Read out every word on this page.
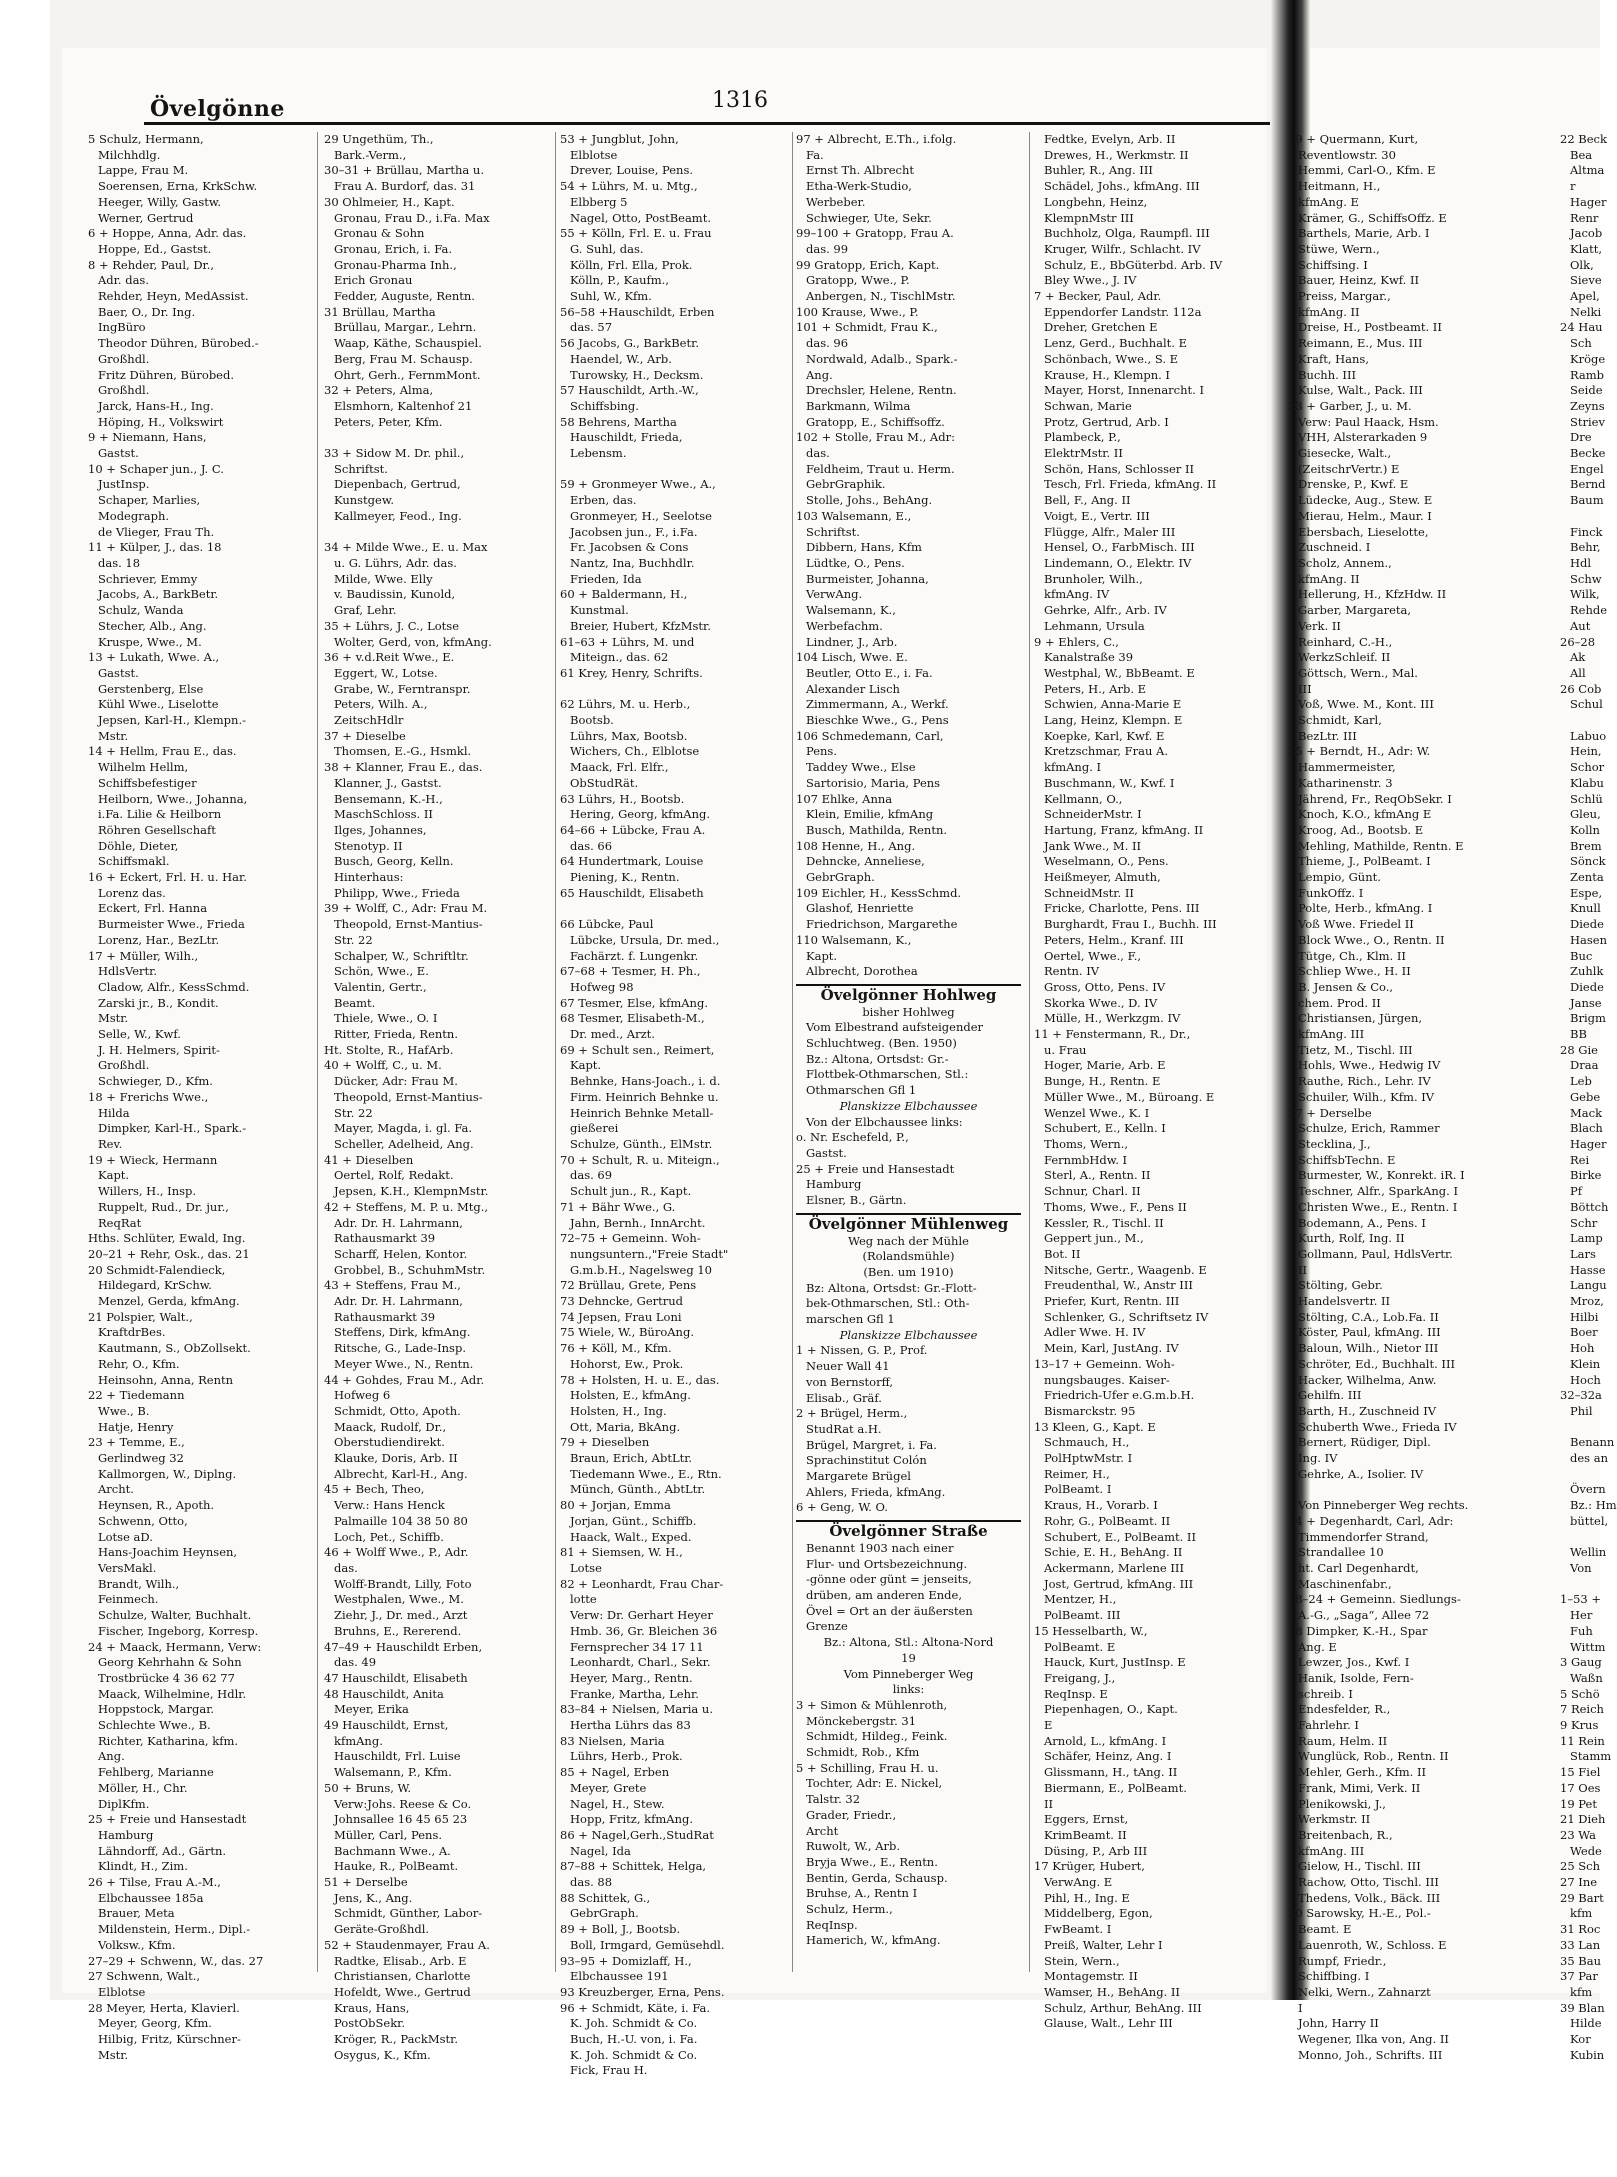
Övelgönne	1316
5 Schulz, Hermann,
Milchhdlg.
Lappe, Frau M.
Soerensen, Erna, KrkSchw.
Heeger, Willy, Gastw.
Werner, Gertrud
6 + Hoppe, Anna, Adr. das.
Hoppe, Ed., Gastst.
8 + Rehder, Paul, Dr.,
Adr. das.
Rehder, Heyn, MedAssist.
Baer, O., Dr. Ing.
IngBüro
Theodor Dühren, Bürobed.-
Großhdl.
Fritz Dühren, Bürobed.
Großhdl.
Jarck, Hans-H., Ing.
Höping, H., Volkswirt
9 + Niemann, Hans,
Gastst.
10 + Schaper jun., J. C.
JustInsp.
Schaper, Marlies,
Modegraph.
de Vlieger, Frau Th.
11 + Külper, J., das. 18
das. 18
Schriever, Emmy
Jacobs, A., BarkBetr.
Schulz, Wanda
Stecher, Alb., Ang.
Kruspe, Wwe., M.
13 + Lukath, Wwe. A.,
Gastst.
Gerstenberg, Else
Kühl Wwe., Liselotte
Jepsen, Karl-H., Klempn.-
Mstr.
14 + Hellm, Frau E., das.
Wilhelm Hellm,
Schiffsbefestiger
Heilborn, Wwe., Johanna,
i.Fa. Lilie & Heilborn
Röhren Gesellschaft
Döhle, Dieter,
Schiffsmakl.
16 + Eckert, Frl. H. u. Har.
Lorenz das.
Eckert, Frl. Hanna
Burmeister Wwe., Frieda
Lorenz, Har., BezLtr.
17 + Müller, Wilh.,
HdlsVertr.
Cladow, Alfr., KessSchmd.
Zarski jr., B., Kondit.
Mstr.
Selle, W., Kwf.
J. H. Helmers, Spirit-
Großhdl.
Schwieger, D., Kfm.
18 + Frerichs Wwe.,
Hilda
Dimpker, Karl-H., Spark.-
Rev.
19 + Wieck, Hermann
Kapt.
Willers, H., Insp.
Ruppelt, Rud., Dr. jur.,
ReqRat
Hths. Schlüter, Ewald, Ing.
20–21 + Rehr, Osk., das. 21
20 Schmidt-Falendieck,
Hildegard, KrSchw.
Menzel, Gerda, kfmAng.
21 Polspier, Walt.,
KraftdrBes.
Kautmann, S., ObZollsekt.
Rehr, O., Kfm.
Heinsohn, Anna, Rentn
22 + Tiedemann
Wwe., B.
Hatje, Henry
23 + Temme, E.,
Gerlindweg 32
Kallmorgen, W., Diplng.
Archt.
Heynsen, R., Apoth.
Schwenn, Otto,
Lotse aD.
Hans-Joachim Heynsen,
VersMakl.
Brandt, Wilh.,
Feinmech.
Schulze, Walter, Buchhalt.
Fischer, Ingeborg, Korresp.
24 + Maack, Hermann, Verw:
Georg Kehrhahn & Sohn
Trostbrücke 4 36 62 77
Maack, Wilhelmine, Hdlr.
Hoppstock, Margar.
Schlechte Wwe., B.
Richter, Katharina, kfm.
Ang.
Fehlberg, Marianne
Möller, H., Chr.
DiplKfm.
25 + Freie und Hansestadt
Hamburg
Lähndorff, Ad., Gärtn.
Klindt, H., Zim.
26 + Tilse, Frau A.-M.,
Elbchaussee 185a
Brauer, Meta
Mildenstein, Herm., Dipl.-
Volksw., Kfm.
27–29 + Schwenn, W., das. 27
27 Schwenn, Walt.,
Elblotse
28 Meyer, Herta, Klavierl.
Meyer, Georg, Kfm.
Hilbig, Fritz, Kürschner-
Mstr.
29 Ungethüm, Th.,
Bark.-Verm.,
30–31 + Brüllau, Martha u.
Frau A. Burdorf, das. 31
30 Ohlmeier, H., Kapt.
Gronau, Frau D., i.Fa. Max
Gronau & Sohn
Gronau, Erich, i. Fa.
Gronau-Pharma Inh.,
Erich Gronau
Fedder, Auguste, Rentn.
31 Brüllau, Martha
Brüllau, Margar., Lehrn.
Waap, Käthe, Schauspiel.
Berg, Frau M. Schausp.
Ohrt, Gerh., FernmMont.
32 + Peters, Alma,
Elsmhorn, Kaltenhof 21
Peters, Peter, Kfm.

33 + Sidow M. Dr. phil.,
Schriftst.
Diepenbach, Gertrud,
Kunstgew.
Kallmeyer, Feod., Ing.

34 + Milde Wwe., E. u. Max
u. G. Lührs, Adr. das.
Milde, Wwe. Elly
v. Baudissin, Kunold,
Graf, Lehr.
35 + Lührs, J. C., Lotse
Wolter, Gerd, von, kfmAng.
36 + v.d.Reit Wwe., E.
Eggert, W., Lotse.
Grabe, W., Ferntranspr.
Peters, Wilh. A.,
ZeitschHdlr
37 + Dieselbe
Thomsen, E.-G., Hsmkl.
38 + Klanner, Frau E., das.
Klanner, J., Gastst.
Bensemann, K.-H.,
MaschSchloss. II
Ilges, Johannes,
Stenotyp. II
Busch, Georg, Kelln.
Hinterhaus:
Philipp, Wwe., Frieda
39 + Wolff, C., Adr: Frau M.
Theopold, Ernst-Mantius-
Str. 22
Schalper, W., Schriftltr.
Schön, Wwe., E.
Valentin, Gertr.,
Beamt.
Thiele, Wwe., O. I
Ritter, Frieda, Rentn.
Ht. Stolte, R., HafArb.
40 + Wolff, C., u. M.
Dücker, Adr: Frau M.
Theopold, Ernst-Mantius-
Str. 22
Mayer, Magda, i. gl. Fa.
Scheller, Adelheid, Ang.
41 + Dieselben
Oertel, Rolf, Redakt.
Jepsen, K.H., KlempnMstr.
42 + Steffens, M. P. u. Mtg.,
Adr. Dr. H. Lahrmann,
Rathausmarkt 39
Scharff, Helen, Kontor.
Grobbel, B., SchuhmMstr.
43 + Steffens, Frau M.,
Adr. Dr. H. Lahrmann,
Rathausmarkt 39
Steffens, Dirk, kfmAng.
Ritsche, G., Lade-Insp.
Meyer Wwe., N., Rentn.
44 + Gohdes, Frau M., Adr.
Hofweg 6
Schmidt, Otto, Apoth.
Maack, Rudolf, Dr.,
Oberstudiendirekt.
Klauke, Doris, Arb. II
Albrecht, Karl-H., Ang.
45 + Bech, Theo,
Verw.: Hans Henck
Palmaille 104 38 50 80
Loch, Pet., Schiffb.
46 + Wolff Wwe., P., Adr.
das.
Wolff-Brandt, Lilly, Foto
Westphalen, Wwe., M.
Ziehr, J., Dr. med., Arzt
Bruhns, E., Rererend.
47–49 + Hauschildt Erben,
das. 49
47 Hauschildt, Elisabeth
48 Hauschildt, Anita
Meyer, Erika
49 Hauschildt, Ernst,
kfmAng.
Hauschildt, Frl. Luise
Walsemann, P., Kfm.
50 + Bruns, W.
Verw:Johs. Reese & Co.
Johnsallee 16 45 65 23
Müller, Carl, Pens.
Bachmann Wwe., A.
Hauke, R., PolBeamt.
51 + Derselbe
Jens, K., Ang.
Schmidt, Günther, Labor-
Geräte-Großhdl.
52 + Staudenmayer, Frau A.
Radtke, Elisab., Arb. E
Christiansen, Charlotte
Hofeldt, Wwe., Gertrud
Kraus, Hans,
PostObSekr.
Kröger, R., PackMstr.
Osygus, K., Kfm.
53 + Jungblut, John,
Elblotse
Drever, Louise, Pens.
54 + Lührs, M. u. Mtg.,
Elbberg 5
Nagel, Otto, PostBeamt.
55 + Kölln, Frl. E. u. Frau
G. Suhl, das.
Kölln, Frl. Ella, Prok.
Kölln, P., Kaufm.,
Suhl, W., Kfm.
56–58 +Hauschildt, Erben
das. 57
56 Jacobs, G., BarkBetr.
Haendel, W., Arb.
Turowsky, H., Decksm.
57 Hauschildt, Arth.-W.,
Schiffsbing.
58 Behrens, Martha
Hauschildt, Frieda,
Lebensm.

59 + Gronmeyer Wwe., A.,
Erben, das.
Gronmeyer, H., Seelotse
Jacobsen jun., F., i.Fa.
Fr. Jacobsen & Cons
Nantz, Ina, Buchhdlr.
Frieden, Ida
60 + Baldermann, H.,
Kunstmal.
Breier, Hubert, KfzMstr.
61–63 + Lührs, M. und
Miteign., das. 62
61 Krey, Henry, Schrifts.

62 Lührs, M. u. Herb.,
Bootsb.
Lührs, Max, Bootsb.
Wichers, Ch., Elblotse
Maack, Frl. Elfr.,
ObStudRät.
63 Lührs, H., Bootsb.
Hering, Georg, kfmAng.
64–66 + Lübcke, Frau A.
das. 66
64 Hundertmark, Louise
Piening, K., Rentn.
65 Hauschildt, Elisabeth

66 Lübcke, Paul
Lübcke, Ursula, Dr. med.,
Fachärzt. f. Lungenkr.
67–68 + Tesmer, H. Ph.,
Hofweg 98
67 Tesmer, Else, kfmAng.
68 Tesmer, Elisabeth-M.,
Dr. med., Arzt.
69 + Schult sen., Reimert,
Kapt.
Behnke, Hans-Joach., i. d.
Firm. Heinrich Behnke u.
Heinrich Behnke Metall-
gießerei
Schulze, Günth., ElMstr.
70 + Schult, R. u. Miteign.,
das. 69
Schult jun., R., Kapt.
71 + Bähr Wwe., G.
Jahn, Bernh., InnArcht.
72–75 + Gemeinn. Woh-
nungsuntern.,"Freie Stadt"
G.m.b.H., Nagelsweg 10
72 Brüllau, Grete, Pens
73 Dehncke, Gertrud
74 Jepsen, Frau Loni
75 Wiele, W., BüroAng.
76 + Köll, M., Kfm.
Hohorst, Ew., Prok.
78 + Holsten, H. u. E., das.
Holsten, E., kfmAng.
Holsten, H., Ing.
Ott, Maria, BkAng.
79 + Dieselben
Braun, Erich, AbtLtr.
Tiedemann Wwe., E., Rtn.
Münch, Günth., AbtLtr.
80 + Jorjan, Emma
Jorjan, Günt., Schiffb.
Haack, Walt., Exped.
81 + Siemsen, W. H.,
Lotse
82 + Leonhardt, Frau Char-
lotte
Verw: Dr. Gerhart Heyer
Hmb. 36, Gr. Bleichen 36
Fernsprecher 34 17 11
Leonhardt, Charl., Sekr.
Heyer, Marg., Rentn.
Franke, Martha, Lehr.
83–84 + Nielsen, Maria u.
Hertha Lührs das 83
83 Nielsen, Maria
Lührs, Herb., Prok.
85 + Nagel, Erben
Meyer, Grete
Nagel, H., Stew.
Hopp, Fritz, kfmAng.
86 + Nagel,Gerh.,StudRat
Nagel, Ida
87–88 + Schittek, Helga,
das. 88
88 Schittek, G.,
GebrGraph.
89 + Boll, J., Bootsb.
Boll, Irmgard, Gemüsehdl.
93–95 + Domizlaff, H.,
Elbchaussee 191
93 Kreuzberger, Erna, Pens.
96 + Schmidt, Käte, i. Fa.
K. Joh. Schmidt & Co.
Buch, H.-U. von, i. Fa.
K. Joh. Schmidt & Co.
Fick, Frau H.
97 + Albrecht, E.Th., i.folg.
Fa.
Ernst Th. Albrecht
Etha-Werk-Studio,
Werbeber.
Schwieger, Ute, Sekr.
99–100 + Gratopp, Frau A.
das. 99
99 Gratopp, Erich, Kapt.
Gratopp, Wwe., P.
Anbergen, N., TischlMstr.
100 Krause, Wwe., P.
101 + Schmidt, Frau K.,
das. 96
Nordwald, Adalb., Spark.-
Ang.
Drechsler, Helene, Rentn.
Barkmann, Wilma
Gratopp, E., Schiffsoffz.
102 + Stolle, Frau M., Adr:
das.
Feldheim, Traut u. Herm.
GebrGraphik.
Stolle, Johs., BehAng.
103 Walsemann, E.,
Schriftst.
Dibbern, Hans, Kfm
Lüdtke, O., Pens.
Burmeister, Johanna,
VerwAng.
Walsemann, K.,
Werbefachm.
Lindner, J., Arb.
104 Lisch, Wwe. E.
Beutler, Otto E., i. Fa.
Alexander Lisch
Zimmermann, A., Werkf.
Bieschke Wwe., G., Pens
106 Schmedemann, Carl,
Pens.
Taddey Wwe., Else
Sartorisio, Maria, Pens
107 Ehlke, Anna
Klein, Emilie, kfmAng
Busch, Mathilda, Rentn.
108 Henne, H., Ang.
Dehncke, Anneliese,
GebrGraph.
109 Eichler, H., KessSchmd.
Glashof, Henriette
Friedrichson, Margarethe
110 Walsemann, K.,
Kapt.
Albrecht, Dorothea
Övelgönner Hohlweg
bisher Hohlweg
Vom Elbestrand aufsteigender
Schluchtweg. (Ben. 1950)
Bz.: Altona, Ortsdst: Gr.-
Flottbek-Othmarschen, Stl.:
Othmarschen Gfl 1
Planskizze Elbchaussee
Von der Elbchaussee links:
o. Nr. Eschefeld, P.,
Gastst.
25 + Freie und Hansestadt
Hamburg
Elsner, B., Gärtn.
Övelgönner Mühlenweg
Weg nach der Mühle
(Rolandsmühle)
(Ben. um 1910)
Bz: Altona, Ortsdst: Gr.-Flott-
bek-Othmarschen, Stl.: Oth-
marschen Gfl 1
Planskizze Elbchaussee
1 + Nissen, G. P., Prof.
Neuer Wall 41
von Bernstorff,
Elisab., Gräf.
2 + Brügel, Herm.,
StudRat a.H.
Brügel, Margret, i. Fa.
Sprachinstitut Colón
Margarete Brügel
Ahlers, Frieda, kfmAng.
6 + Geng, W. O.
Övelgönner Straße
Benannt 1903 nach einer
Flur- und Ortsbezeichnung.
-gönne oder günt = jenseits,
drüben, am anderen Ende,
Övel = Ort an der äußersten
Grenze
Bz.: Altona, Stl.: Altona-Nord
19
Vom Pinneberger Weg
links:
3 + Simon & Mühlenroth,
Mönckebergstr. 31
Schmidt, Hildeg., Feink.
Schmidt, Rob., Kfm
5 + Schilling, Frau H. u.
Tochter, Adr: E. Nickel,
Talstr. 32
Grader, Friedr.,
Archt
Ruwolt, W., Arb.
Bryja Wwe., E., Rentn.
Bentin, Gerda, Schausp.
Bruhse, A., Rentn I
Schulz, Herm.,
ReqInsp.
Hamerich, W., kfmAng.
Fedtke, Evelyn, Arb. II
Drewes, H., Werkmstr. II
Buhler, R., Ang. III
Schädel, Johs., kfmAng. III
Longbehn, Heinz,
KlempnMstr III
Buchholz, Olga, Raumpfl. III
Kruger, Wilfr., Schlacht. IV
Schulz, E., BbGüterbd. Arb. IV
Bley Wwe., J. IV
7 + Becker, Paul, Adr.
Eppendorfer Landstr. 112a
Dreher, Gretchen E
Lenz, Gerd., Buchhalt. E
Schönbach, Wwe., S. E
Krause, H., Klempn. I
Mayer, Horst, Innenarcht. I
Schwan, Marie
Protz, Gertrud, Arb. I
Plambeck, P.,
ElektrMstr. II
Schön, Hans, Schlosser II
Tesch, Frl. Frieda, kfmAng. II
Bell, F., Ang. II
Voigt, E., Vertr. III
Flügge, Alfr., Maler III
Hensel, O., FarbMisch. III
Lindemann, O., Elektr. IV
Brunholer, Wilh.,
kfmAng. IV
Gehrke, Alfr., Arb. IV
Lehmann, Ursula
9 + Ehlers, C.,
Kanalstraße 39
Westphal, W., BbBeamt. E
Peters, H., Arb. E
Schwien, Anna-Marie E
Lang, Heinz, Klempn. E
Koepke, Karl, Kwf. E
Kretzschmar, Frau A.
kfmAng. I
Buschmann, W., Kwf. I
Kellmann, O.,
SchneiderMstr. I
Hartung, Franz, kfmAng. II
Jank Wwe., M. II
Weselmann, O., Pens.
Heißmeyer, Almuth,
SchneidMstr. II
Fricke, Charlotte, Pens. III
Burghardt, Frau I., Buchh. III
Peters, Helm., Kranf. III
Oertel, Wwe., F.,
Rentn. IV
Gross, Otto, Pens. IV
Skorka Wwe., D. IV
Mülle, H., Werkzgm. IV
11 + Fenstermann, R., Dr.,
u. Frau
Hoger, Marie, Arb. E
Bunge, H., Rentn. E
Müller Wwe., M., Büroang. E
Wenzel Wwe., K. I
Schubert, E., Kelln. I
Thoms, Wern.,
FernmbHdw. I
Sterl, A., Rentn. II
Schnur, Charl. II
Thoms, Wwe., F., Pens II
Kessler, R., Tischl. II
Geppert jun., M.,
Bot. II
Nitsche, Gertr., Waagenb. E
Freudenthal, W., Anstr III
Priefer, Kurt, Rentn. III
Schlenker, G., Schriftsetz IV
Adler Wwe. H. IV
Mein, Karl, JustAng. IV
13–17 + Gemeinn. Woh-
nungsbauges. Kaiser-
Friedrich-Ufer e.G.m.b.H.
Bismarckstr. 95
13 Kleen, G., Kapt. E
Schmauch, H.,
PolHptwMstr. I
Reimer, H.,
PolBeamt. I
Kraus, H., Vorarb. I
Rohr, G., PolBeamt. II
Schubert, E., PolBeamt. II
Schie, E. H., BehAng. II
Ackermann, Marlene III
Jost, Gertrud, kfmAng. III
Mentzer, H.,
PolBeamt. III
15 Hesselbarth, W.,
PolBeamt. E
Hauck, Kurt, JustInsp. E
Freigang, J.,
ReqInsp. E
Piepenhagen, O., Kapt.
E
Arnold, L., kfmAng. I
Schäfer, Heinz, Ang. I
Glissmann, H., tAng. II
Biermann, E., PolBeamt.
II
Eggers, Ernst,
KrimBeamt. II
Düsing, P., Arb III
17 Krüger, Hubert,
VerwAng. E
Pihl, H., Ing. E
Middelberg, Egon,
FwBeamt. I
Preiß, Walter, Lehr I
Stein, Wern.,
Montagemstr. II
Wamser, H., BehAng. II
Schulz, Arthur, BehAng. III
Glause, Walt., Lehr III
19 + Quermann, Kurt,
Reventlowstr. 30
Hemmi, Carl-O., Kfm. E
Heitmann, H.,
kfmAng. E
Krämer, G., SchiffsOffz. E
Barthels, Marie, Arb. I
Stüwe, Wern.,
Schiffsing. I
Bauer, Heinz, Kwf. II
Preiss, Margar.,
kfmAng. II
Dreise, H., Postbeamt. II
Reimann, E., Mus. III
Kraft, Hans,
Buchh. III
Kulse, Walt., Pack. III
23 + Garber, J., u. M.
Verw: Paul Haack, Hsm.
VHH, Alsterarkaden 9
Giesecke, Walt.,
(ZeitschrVertr.) E
Drenske, P., Kwf. E
Lüdecke, Aug., Stew. E
Mierau, Helm., Maur. I
Ebersbach, Lieselotte,
Zuschneid. I
Scholz, Annem.,
kfmAng. II
Hellerung, H., KfzHdw. II
Garber, Margareta,
Verk. II
Reinhard, C.-H.,
WerkzSchleif. II
Göttsch, Wern., Mal.
III
Voß, Wwe. M., Kont. III
Schmidt, Karl,
BezLtr. III
25 + Berndt, H., Adr: W.
Hammermeister,
Katharinenstr. 3
Jährend, Fr., ReqObSekr. I
Knoch, K.O., kfmAng E
Kroog, Ad., Bootsb. E
Mehling, Mathilde, Rentn. E
Thieme, J., PolBeamt. I
Lempio, Günt.
FunkOffz. I
Polte, Herb., kfmAng. I
Voß Wwe. Friedel II
Block Wwe., O., Rentn. II
Tütge, Ch., Klm. II
Schliep Wwe., H. II
B. Jensen & Co.,
chem. Prod. II
Christiansen, Jürgen,
kfmAng. III
Tietz, M., Tischl. III
Hohls, Wwe., Hedwig IV
Rauthe, Rich., Lehr. IV
Schuiler, Wilh., Kfm. IV
27 + Derselbe
Schulze, Erich, Rammer
Stecklina, J.,
SchiffsbTechn. E
Burmester, W., Konrekt. iR. I
Teschner, Alfr., SparkAng. I
Christen Wwe., E., Rentn. I
Bodemann, A., Pens. I
Kurth, Rolf, Ing. II
Gollmann, Paul, HdlsVertr.
II
Stölting, Gebr.
Handelsvertr. II
Stölting, C.A., Lob.Fa. II
Köster, Paul, kfmAng. III
Baloun, Wilh., Nietor III
Schröter, Ed., Buchhalt. III
Hacker, Wilhelma, Anw.
Gehilfn. III
Barth, H., Zuschneid IV
Schuberth Wwe., Frieda IV
Bernert, Rüdiger, Dipl.
Ing. IV
Gehrke, A., Isolier. IV

Von Pinneberger Weg rechts.
14 + Degenhardt, Carl, Adr:
Timmendorfer Strand,
Strandallee 10
ht. Carl Degenhardt,
Maschinenfabr.,
18–24 + Gemeinn. Siedlungs-
A.-G., „Saga“, Allee 72
18 Dimpker, K.-H., Spar
Ang. E
Lewzer, Jos., Kwf. I
Hanik, Isolde, Fern-
schreib. I
Endesfelder, R.,
Fahrlehr. I
Raum, Helm. II
Wunglück, Rob., Rentn. II
Mehler, Gerh., Kfm. II
Frank, Mimi, Verk. II
Plenikowski, J.,
Werkmstr. II
Breitenbach, R.,
kfmAng. III
Gielow, H., Tischl. III
Rachow, Otto, Tischl. III
Thedens, Volk., Bäck. III
20 Sarowsky, H.-E., Pol.-
Beamt. E
Lauenroth, W., Schloss. E
Rumpf, Friedr.,
Schiffbing. I
Nelki, Wern., Zahnarzt
I
John, Harry II
Wegener, Ilka von, Ang. II
Monno, Joh., Schrifts. III
22 Beck
Bea
Altma
r
Hager
Renr
Jacob
Klatt,
Olk,
Sieve
Apel,
Nelki
24 Hau
Sch
Kröge
Ramb
Seide
Zeyns
Striev
Dre
Becke
Engel
Bernd
Baum

Finck
Behr,
Hdl
Schw
Wilk,
Rehde
Aut
26–28
Ak
All
26 Cob
Schul

Labuo
Hein,
Schor
Klabu
Schlü
Gleu,
Kolln
Brem
Sönck
Zenta
Espe,
Knull
Diede
Hasen
Buc
Zuhlk
Diede
Janse
Brigm
BB
28 Gie
Draa
Leb
Gebe
Mack
Blach
Hager
Rei
Birke
Pf
Böttch
Schr
Lamp
Lars
Hasse
Langu
Mroz,
Hilbi
Boer
Hoh
Klein
Hoch
32–32a
Phil

Benann
des an

Övern
Bz.: Hm
büttel,

Wellin
Von

1–53 +
Her
Fuh
Wittm
3 Gaug
Waßn
5 Schö
7 Reich
9 Krus
11 Rein
Stamm
15 Fiel
17 Oes
19 Pet
21 Dieh
23 Wa
Wede
25 Sch
27 Ine
29 Bart
kfm
31 Roc
33 Lan
35 Bau
37 Par
kfm
39 Blan
Hilde
Kor
Kubin
